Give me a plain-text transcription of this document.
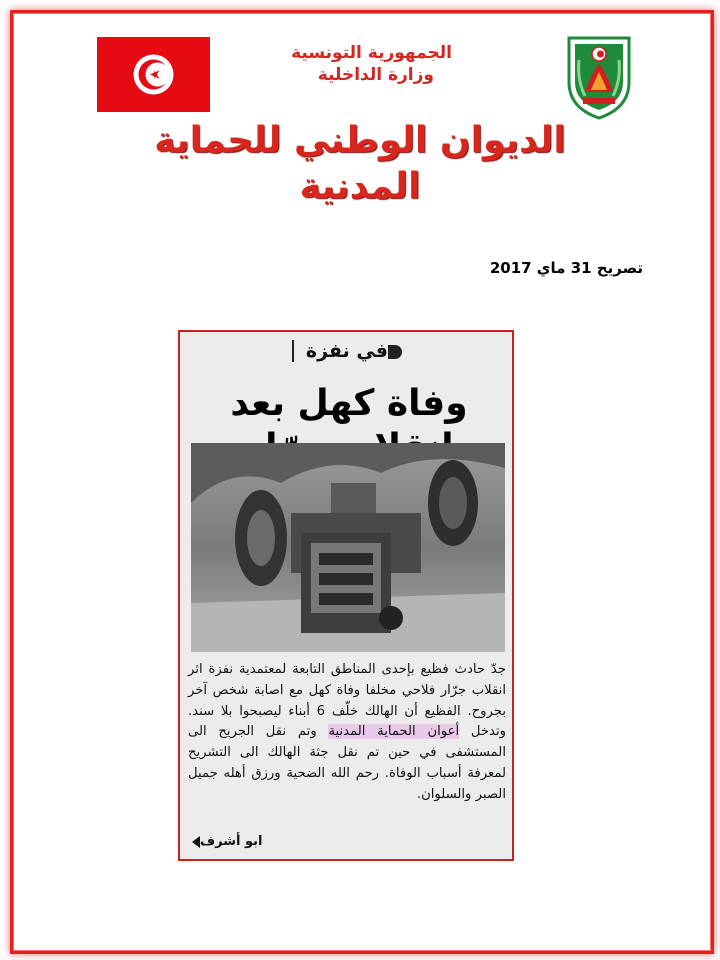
الجمهورية التونسية
وزارة الداخلية
الديوان الوطني للحماية المدنية
تصريح 31 ماي 2017
في نفزة
وفاة كهل بعد
جدّ حادث فظيع بإحدى المناطق التابعة لمعتمدية نفزة اثر انقلاب جرّار فلاحي مخلفا وفاة كهل مع اصابة شخص آخر بجروح. الفظيع أن الهالك خلّف 6 أبناء ليصبحوا بلا سند. وتدخل أعوان الحماية المدنية وتم نقل الجريح الى المستشفى في حين تم نقل جثة الهالك الى التشريح لمعرفة أسباب الوفاة. رحم الله الضحية ورزق أهله جميل الصبر والسلوان.
ابو أشرف
